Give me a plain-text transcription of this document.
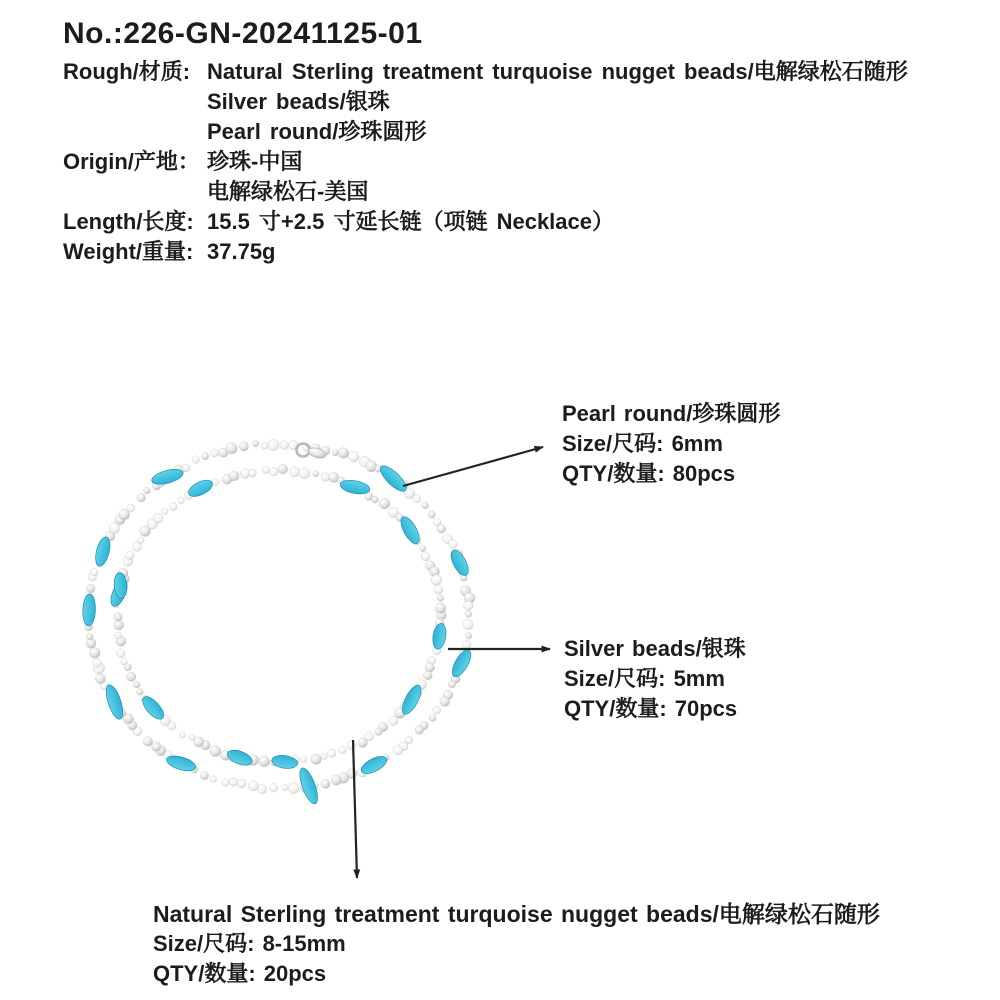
No.:226-GN-20241125-01
Rough/材质: Natural Sterling treatment turquoise nugget beads/电解绿松石随形
Silver beads/银珠
Pearl round/珍珠圆形
Origin/产地： 珍珠-中国
电解绿松石-美国
Length/长度: 15.5 寸+2.5 寸延长链（项链 Necklace）
Weight/重量: 37.75g
Pearl round/珍珠圆形
Size/尺码: 6mm
QTY/数量: 80pcs
Silver beads/银珠
Size/尺码: 5mm
QTY/数量: 70pcs
Natural Sterling treatment turquoise nugget beads/电解绿松石随形
Size/尺码: 8-15mm
QTY/数量: 20pcs
